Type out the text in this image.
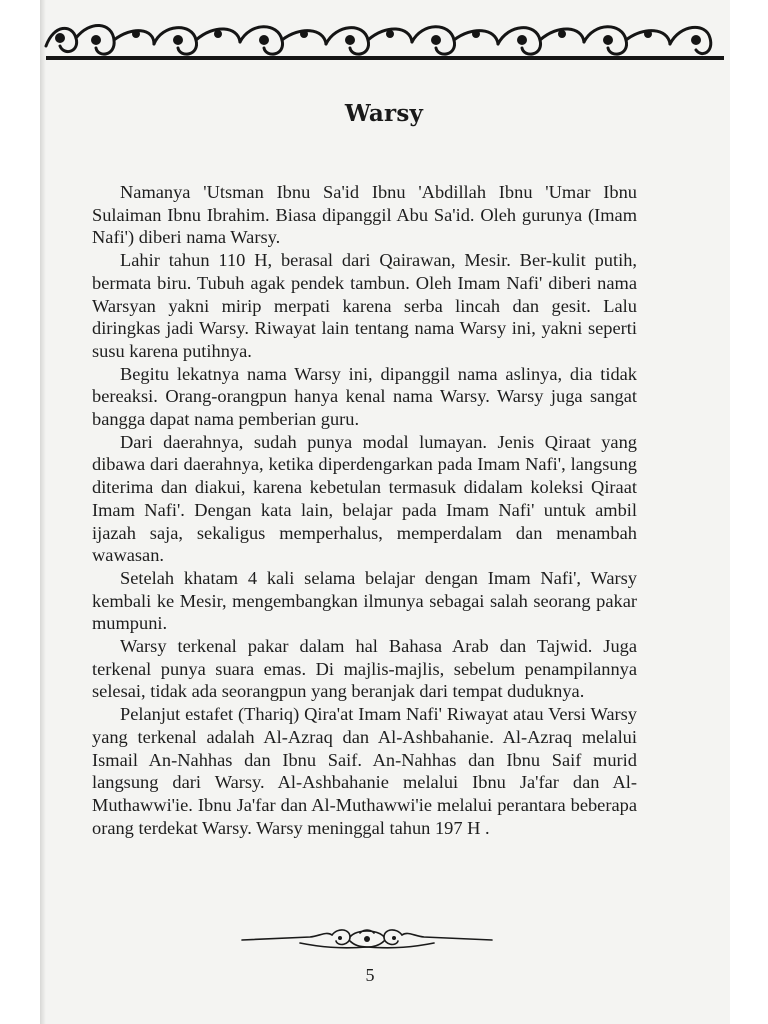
Warsy

Namanya 'Utsman Ibnu Sa'id Ibnu 'Abdillah Ibnu 'Umar Ibnu Sulaiman Ibnu Ibrahim. Biasa dipanggil Abu Sa'id. Oleh gurunya (Imam Nafi') diberi nama Warsy.

Lahir tahun 110 H, berasal dari Qairawan, Mesir. Ber-kulit putih, bermata biru. Tubuh agak pendek tambun. Oleh Imam Nafi' diberi nama Warsyan yakni mirip merpati karena serba lincah dan gesit. Lalu diringkas jadi Warsy. Riwayat lain tentang nama Warsy ini, yakni seperti susu karena putihnya.

Begitu lekatnya nama Warsy ini, dipanggil nama aslinya, dia tidak bereaksi. Orang-orangpun hanya kenal nama Warsy. Warsy juga sangat bangga dapat nama pemberian guru.

Dari daerahnya, sudah punya modal lumayan. Jenis Qiraat yang dibawa dari daerahnya, ketika diperdengarkan pada Imam Nafi', langsung diterima dan diakui, karena kebetulan termasuk didalam koleksi Qiraat Imam Nafi'. Dengan kata lain, belajar pada Imam Nafi' untuk ambil ijazah saja, sekaligus memperhalus, memperdalam dan menambah wawasan.

Setelah khatam 4 kali selama belajar dengan Imam Nafi', Warsy kembali ke Mesir, mengembangkan ilmunya sebagai salah seorang pakar mumpuni.

Warsy terkenal pakar dalam hal Bahasa Arab dan Tajwid. Juga terkenal punya suara emas. Di majlis-majlis, sebelum penampilannya selesai, tidak ada seorangpun yang beranjak dari tempat duduknya.

Pelanjut estafet (Thariq) Qira'at Imam Nafi' Riwayat atau Versi Warsy yang terkenal adalah Al-Azraq dan Al-Ashbahanie. Al-Azraq melalui Ismail An-Nahhas dan Ibnu Saif. An-Nahhas dan Ibnu Saif murid langsung dari Warsy. Al-Ashbahanie melalui Ibnu Ja'far dan Al-Muthawwi'ie. Ibnu Ja'far dan Al-Muthawwi'ie melalui perantara beberapa orang terdekat Warsy. Warsy meninggal tahun 197 H .

5
